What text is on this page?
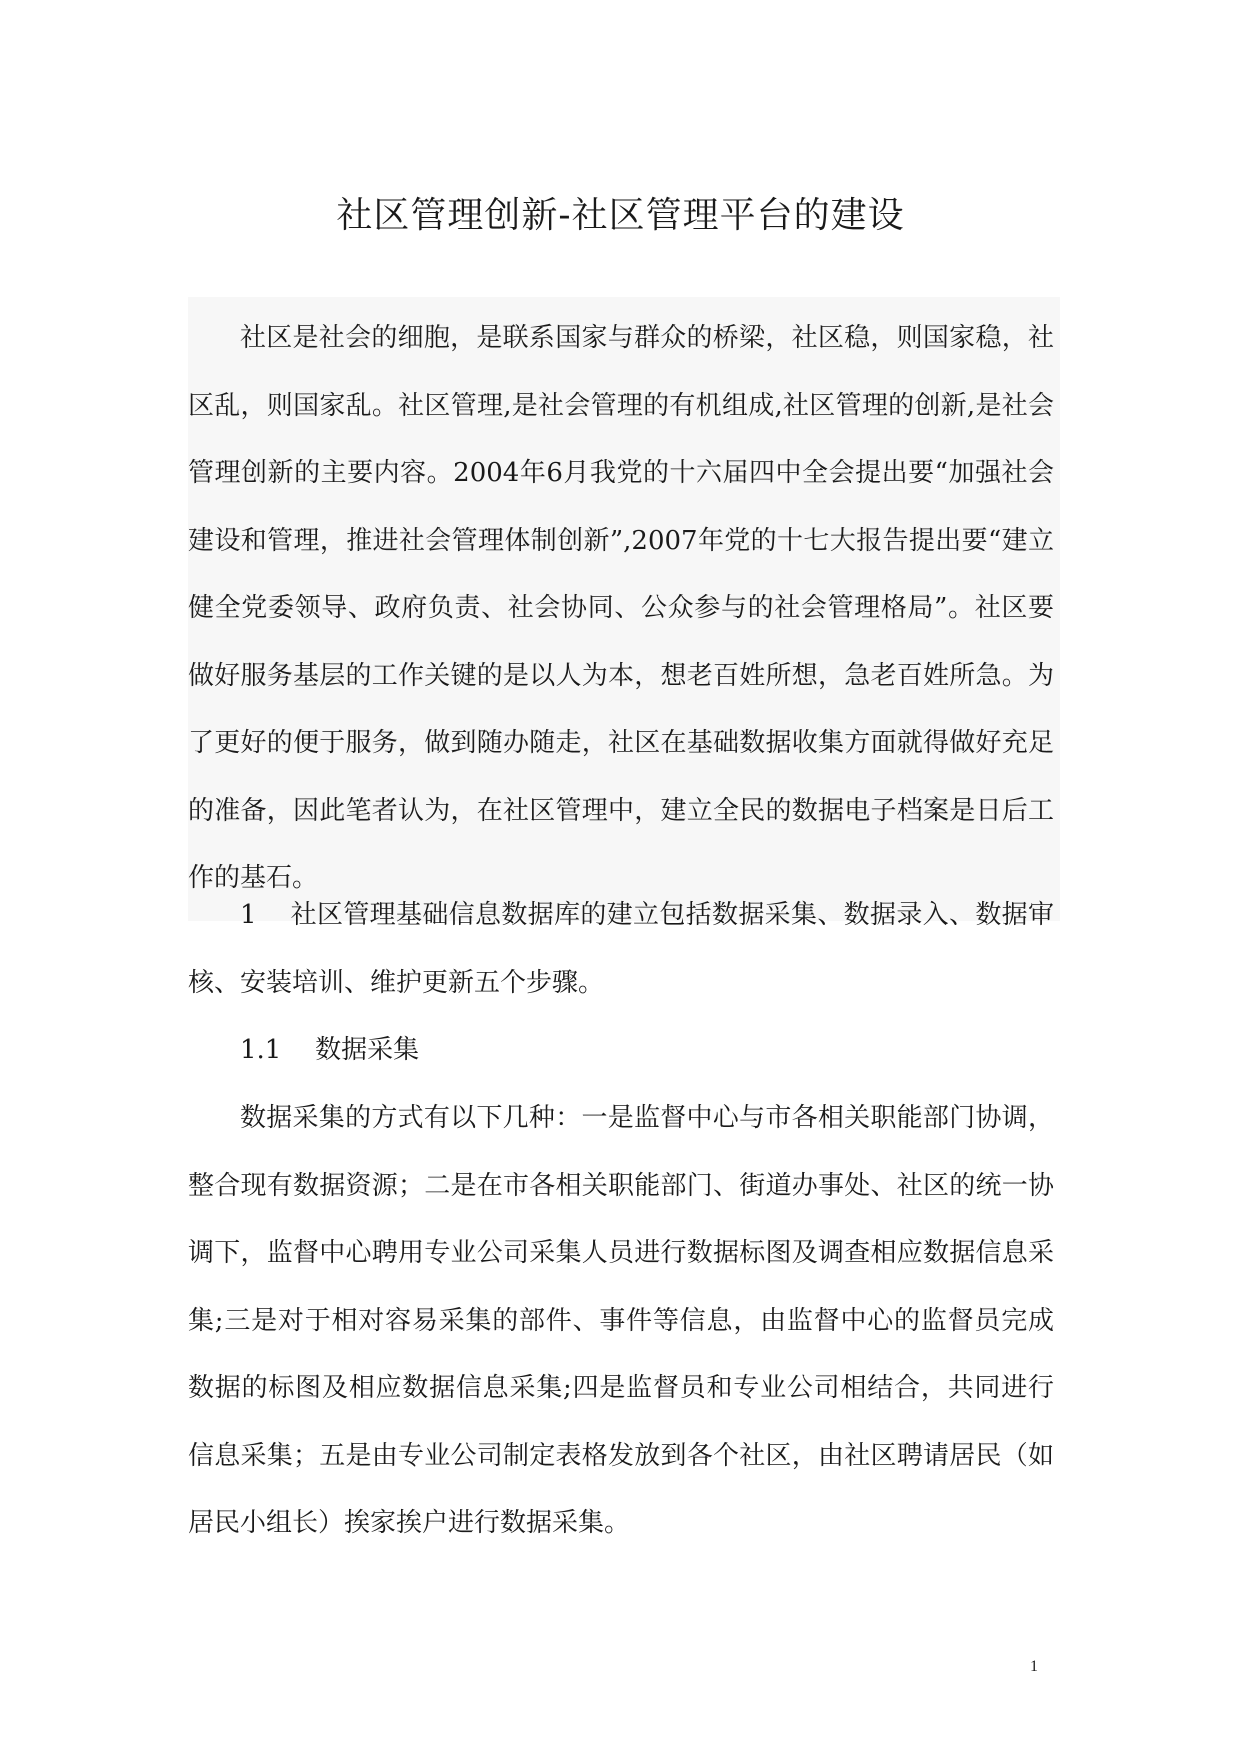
社区管理创新-社区管理平台的建设

社区是社会的细胞，是联系国家与群众的桥梁，社区稳，则国家稳，社区乱，则国家乱。社区管理,是社会管理的有机组成,社区管理的创新,是社会管理创新的主要内容。2004年6月我党的十六届四中全会提出要“加强社会建设和管理，推进社会管理体制创新”,2007年党的十七大报告提出要“建立健全党委领导、政府负责、社会协同、公众参与的社会管理格局”。社区要做好服务基层的工作关键的是以人为本，想老百姓所想，急老百姓所急。为了更好的便于服务，做到随办随走，社区在基础数据收集方面就得做好充足的准备，因此笔者认为，在社区管理中，建立全民的数据电子档案是日后工作的基石。

1 社区管理基础信息数据库的建立包括数据采集、数据录入、数据审核、安装培训、维护更新五个步骤。

1.1 数据采集

数据采集的方式有以下几种：一是监督中心与市各相关职能部门协调，整合现有数据资源；二是在市各相关职能部门、街道办事处、社区的统一协调下，监督中心聘用专业公司采集人员进行数据标图及调查相应数据信息采集;三是对于相对容易采集的部件、事件等信息，由监督中心的监督员完成数据的标图及相应数据信息采集;四是监督员和专业公司相结合，共同进行信息采集；五是由专业公司制定表格发放到各个社区，由社区聘请居民（如居民小组长）挨家挨户进行数据采集。

1
